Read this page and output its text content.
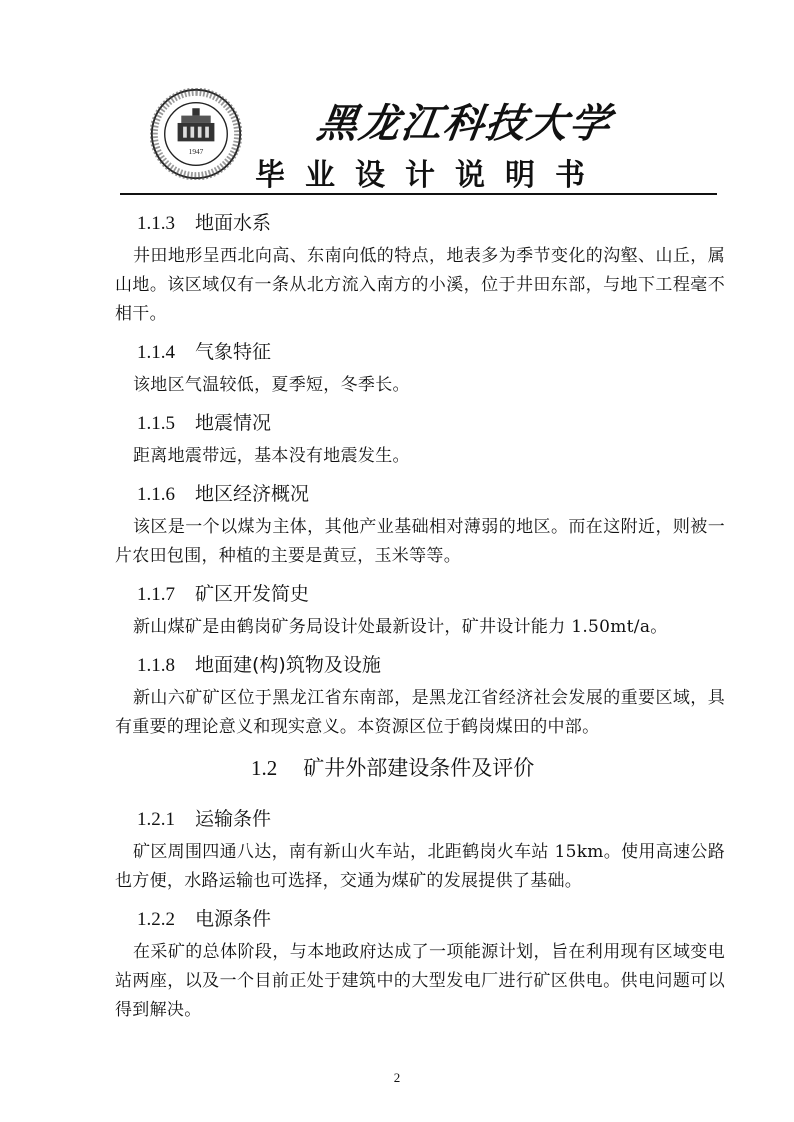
1947
黑龙江科技大学
毕业设计说明书
1.1.3 地面水系

井田地形呈西北向高、东南向低的特点，地表多为季节变化的沟壑、山丘，属山地。该区域仅有一条从北方流入南方的小溪，位于井田东部，与地下工程毫不相干。

1.1.4 气象特征

该地区气温较低，夏季短，冬季长。

1.1.5 地震情况

距离地震带远，基本没有地震发生。

1.1.6 地区经济概况

该区是一个以煤为主体，其他产业基础相对薄弱的地区。而在这附近，则被一片农田包围，种植的主要是黄豆，玉米等等。

1.1.7 矿区开发简史

新山煤矿是由鹤岗矿务局设计处最新设计，矿井设计能力 1.50mt/a。

1.1.8 地面建(构)筑物及设施

新山六矿矿区位于黑龙江省东南部，是黑龙江省经济社会发展的重要区域，具有重要的理论意义和现实意义。本资源区位于鹤岗煤田的中部。

1.2 矿井外部建设条件及评价
1.2.1 运输条件

矿区周围四通八达，南有新山火车站，北距鹤岗火车站 15km。使用高速公路也方便，水路运输也可选择，交通为煤矿的发展提供了基础。

1.2.2 电源条件

在采矿的总体阶段，与本地政府达成了一项能源计划，旨在利用现有区域变电站两座，以及一个目前正处于建筑中的大型发电厂进行矿区供电。供电问题可以得到解决。

2
